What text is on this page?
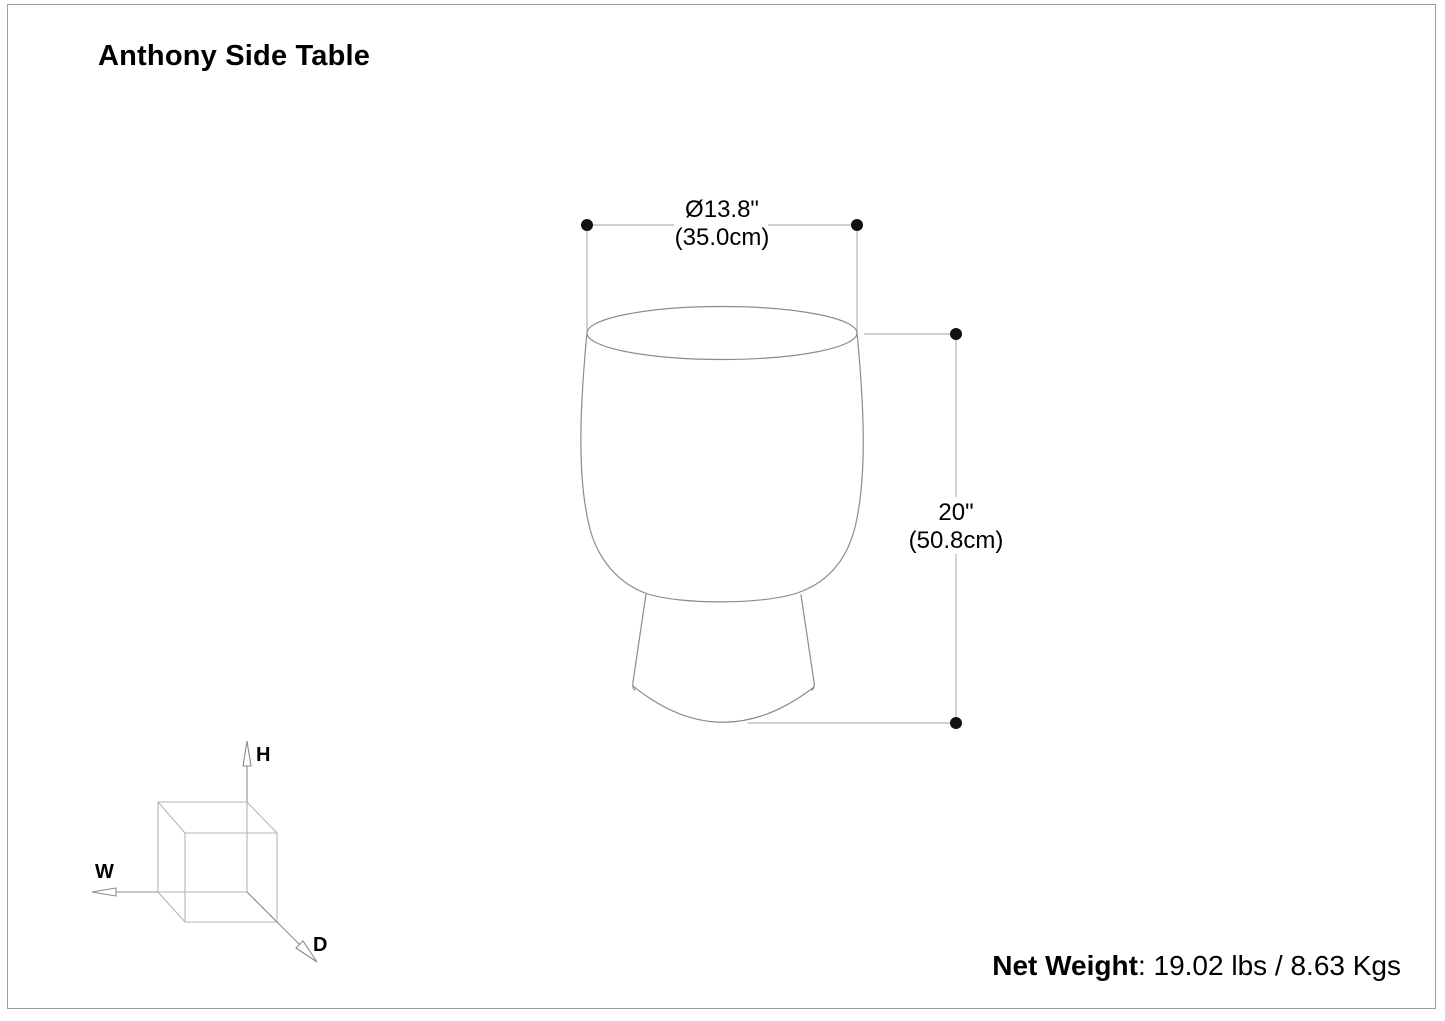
Anthony Side Table
Ø13.8"
(35.0cm)
20"
(50.8cm)
H
W
D
Net Weight: 19.02 lbs / 8.63 Kgs
